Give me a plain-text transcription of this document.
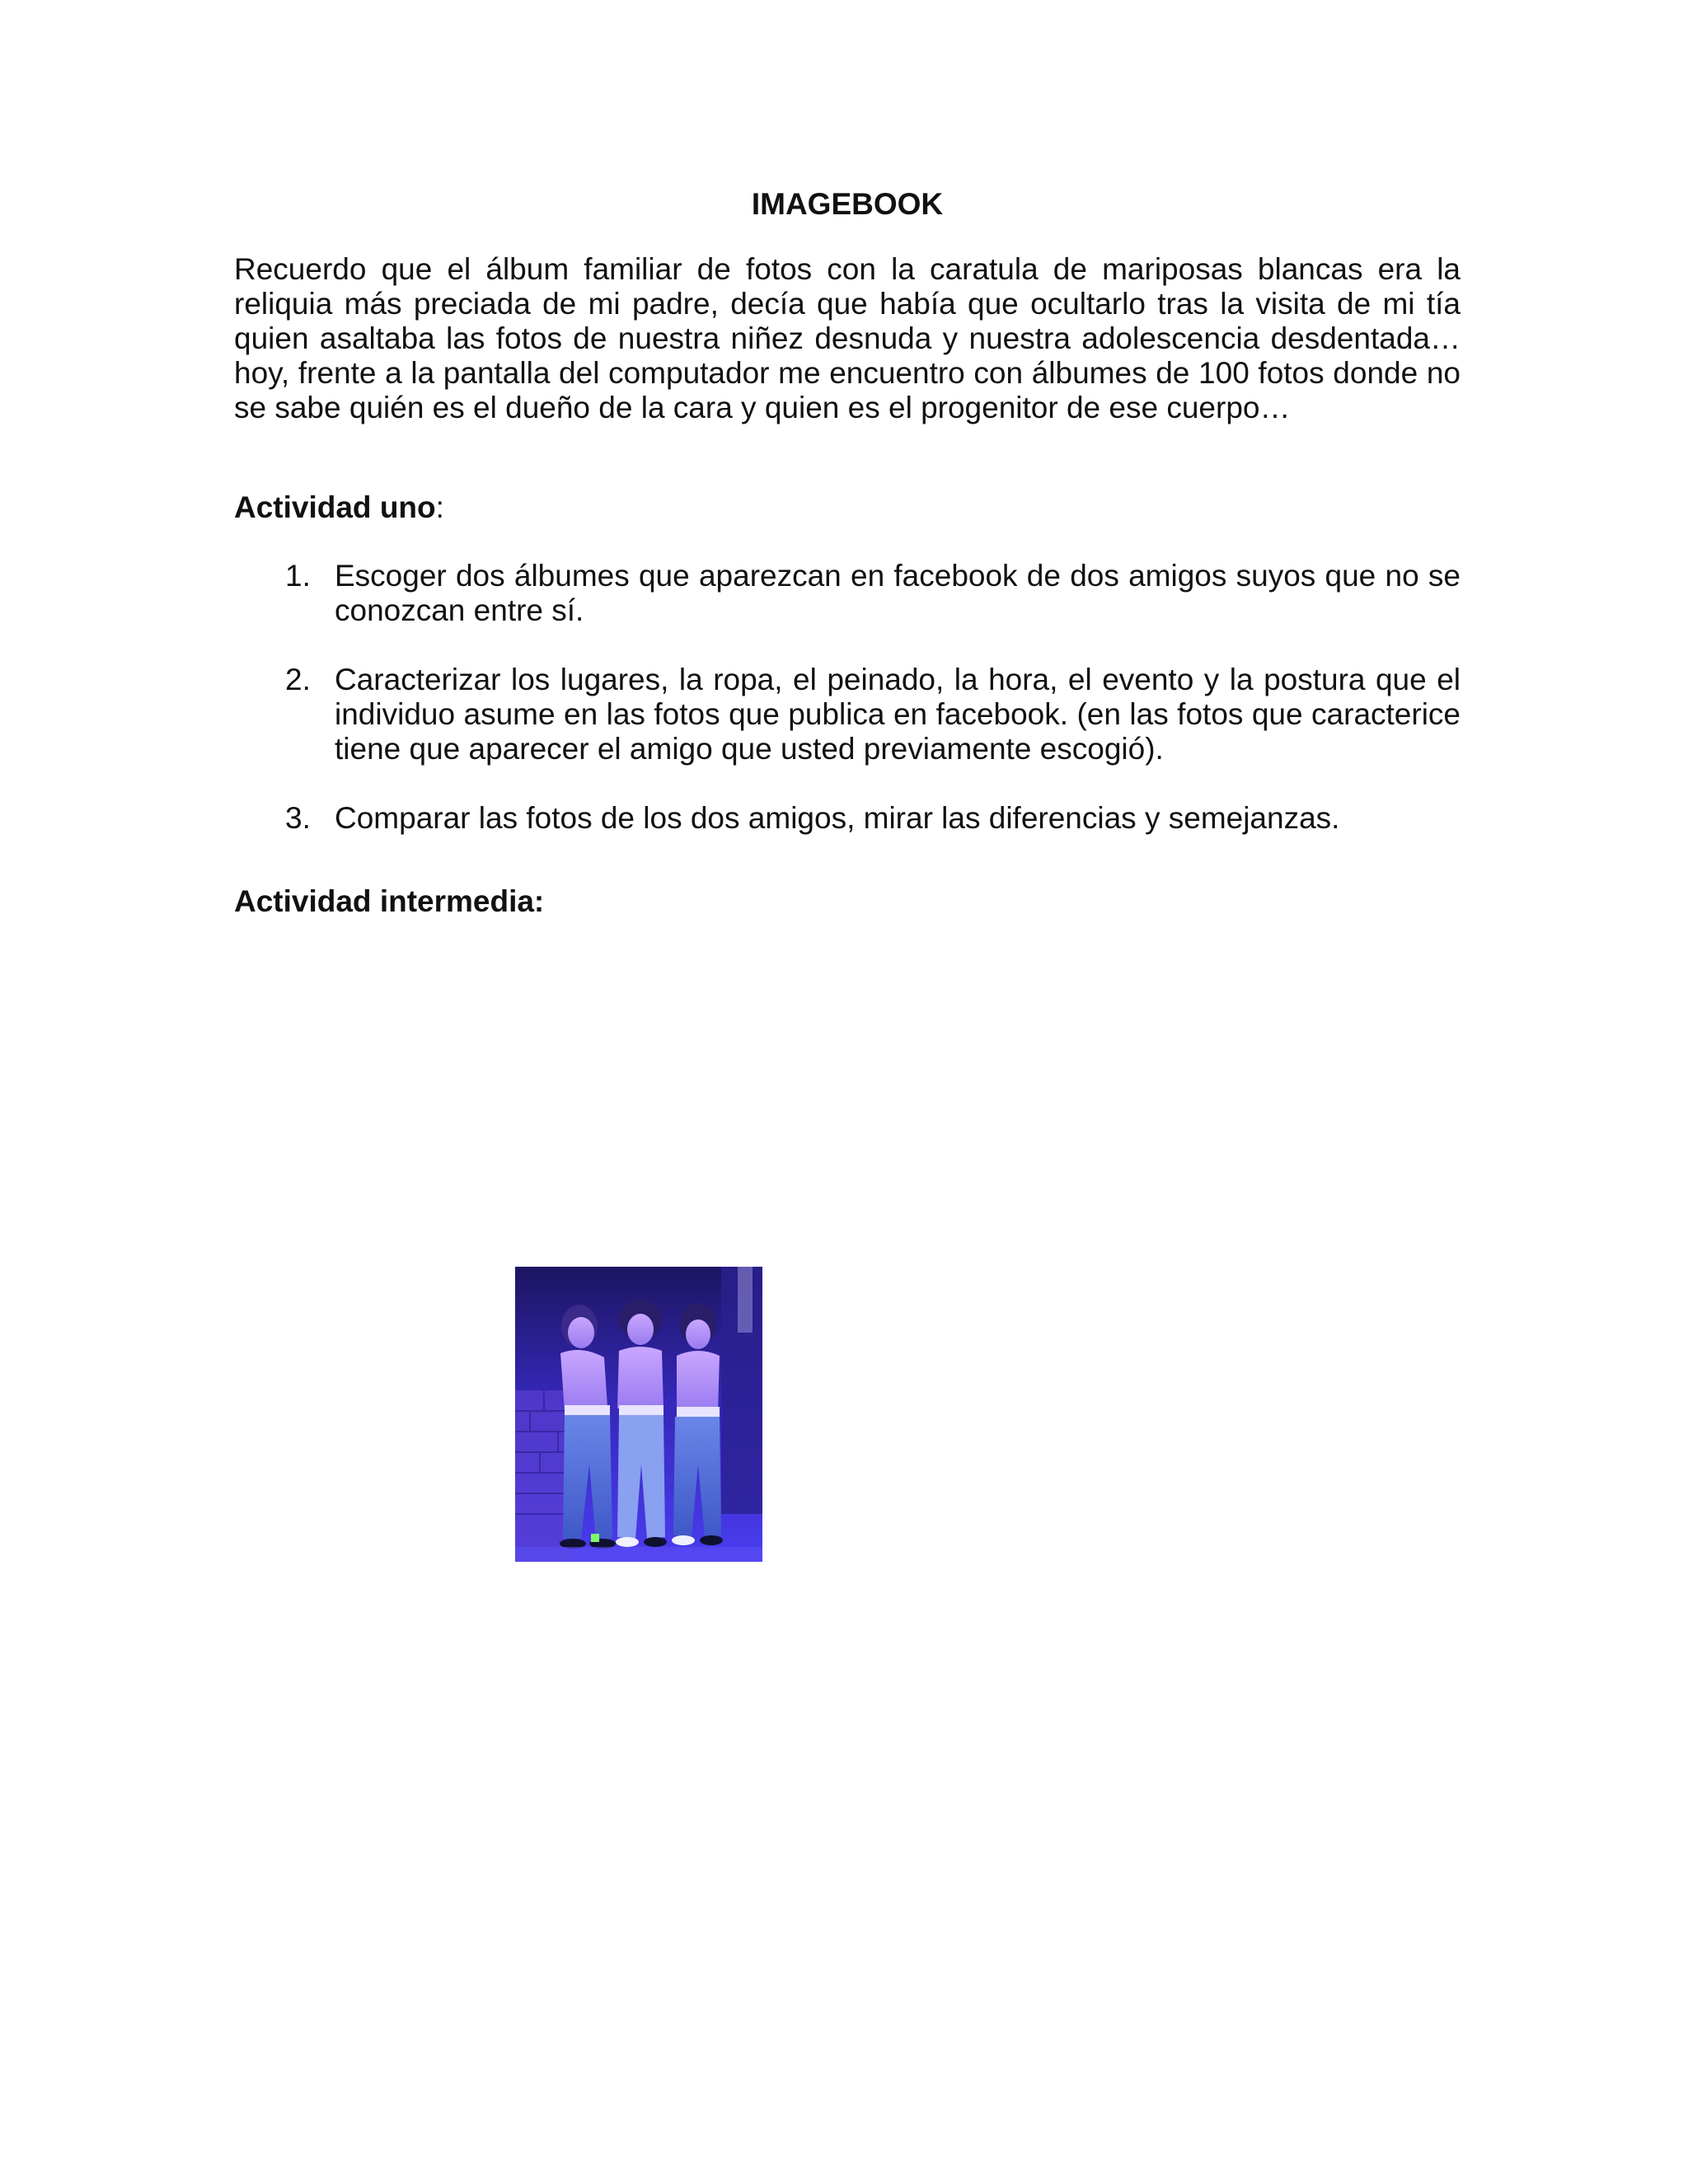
IMAGEBOOK

Recuerdo que el álbum familiar de fotos con la caratula de mariposas blancas era la reliquia más preciada de mi padre, decía que había que ocultarlo tras la visita de mi tía quien asaltaba las fotos de nuestra niñez desnuda y nuestra adolescencia desdentada… hoy, frente a la pantalla del computador me encuentro con álbumes de 100 fotos donde no se sabe quién es el dueño de la cara y quien es el progenitor de ese cuerpo…

Actividad uno:

1. Escoger dos álbumes que aparezcan en facebook de dos amigos suyos que no se conozcan entre sí.
2. Caracterizar los lugares, la ropa, el peinado, la hora, el evento y la postura que el individuo asume en las fotos que publica en facebook. (en las fotos que caracterice tiene que aparecer el amigo que usted previamente escogió).
3. Comparar las fotos de los dos amigos, mirar las diferencias y semejanzas.

Actividad intermedia:
